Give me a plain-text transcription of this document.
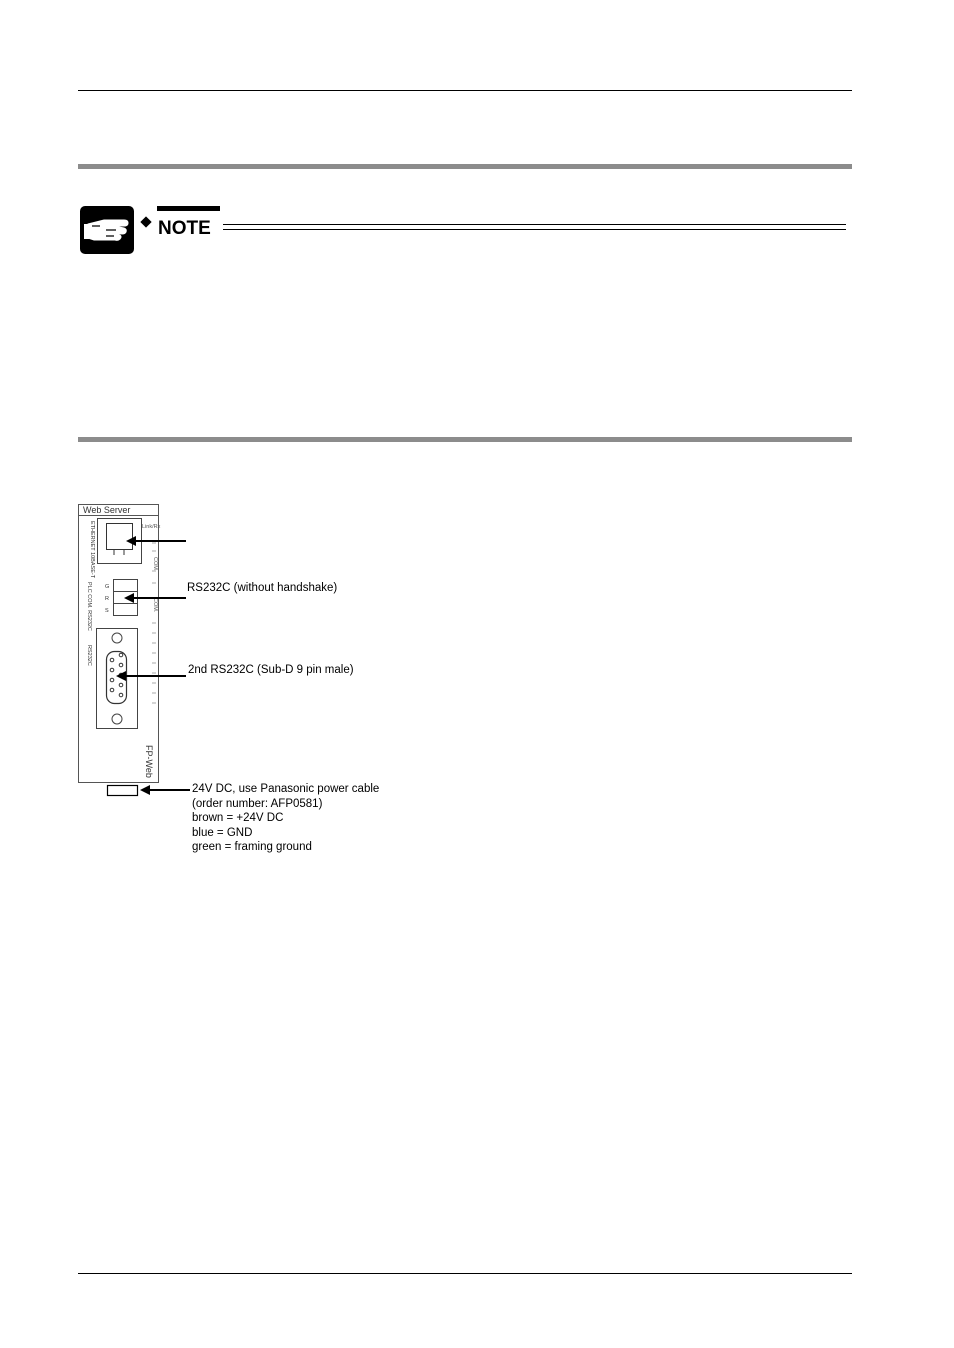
NOTE
Web Server
ETHERNET 10BASE-T	Link/Rx
COM.
PLC COM. RS232C G
R
S	COM.
RS232C
FP-Web
RS232C (without handshake)
2nd RS232C (Sub-D 9 pin male)
24V DC, use Panasonic power cable
(order number: AFP0581)
brown = +24V DC
blue = GND
green = framing ground
